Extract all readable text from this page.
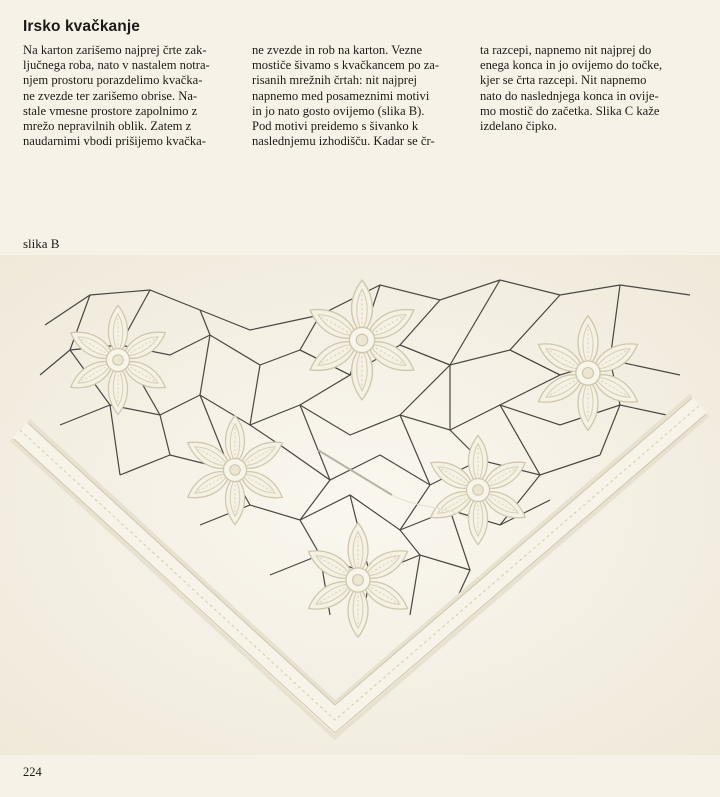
Irsko kvačkanje
Na karton zarišemo najprej črte zak-
ljučnega roba, nato v nastalem notra-
njem prostoru porazdelimo kvačka-
ne zvezde ter zarišemo obrise. Na-
stale vmesne prostore zapolnimo z
mrežo nepravilnih oblik. Zatem z
naudarnimi vbodi prišijemo kvačka-
ne zvezde in rob na karton. Vezne
mostiče šivamo s kvačkancem po za-
risanih mrežnih črtah: nit najprej
napnemo med posameznimi motivi
in jo nato gosto ovijemo (slika B).
Pod motivi preidemo s šivanko k
naslednjemu izhodišču. Kadar se čr-
ta razcepi, napnemo nit najprej do
enega konca in jo ovijemo do točke,
kjer se črta razcepi. Nit napnemo
nato do naslednjega konca in ovije-
mo mostič do začetka. Slika C kaže
izdelano čipko.
slika B
224
